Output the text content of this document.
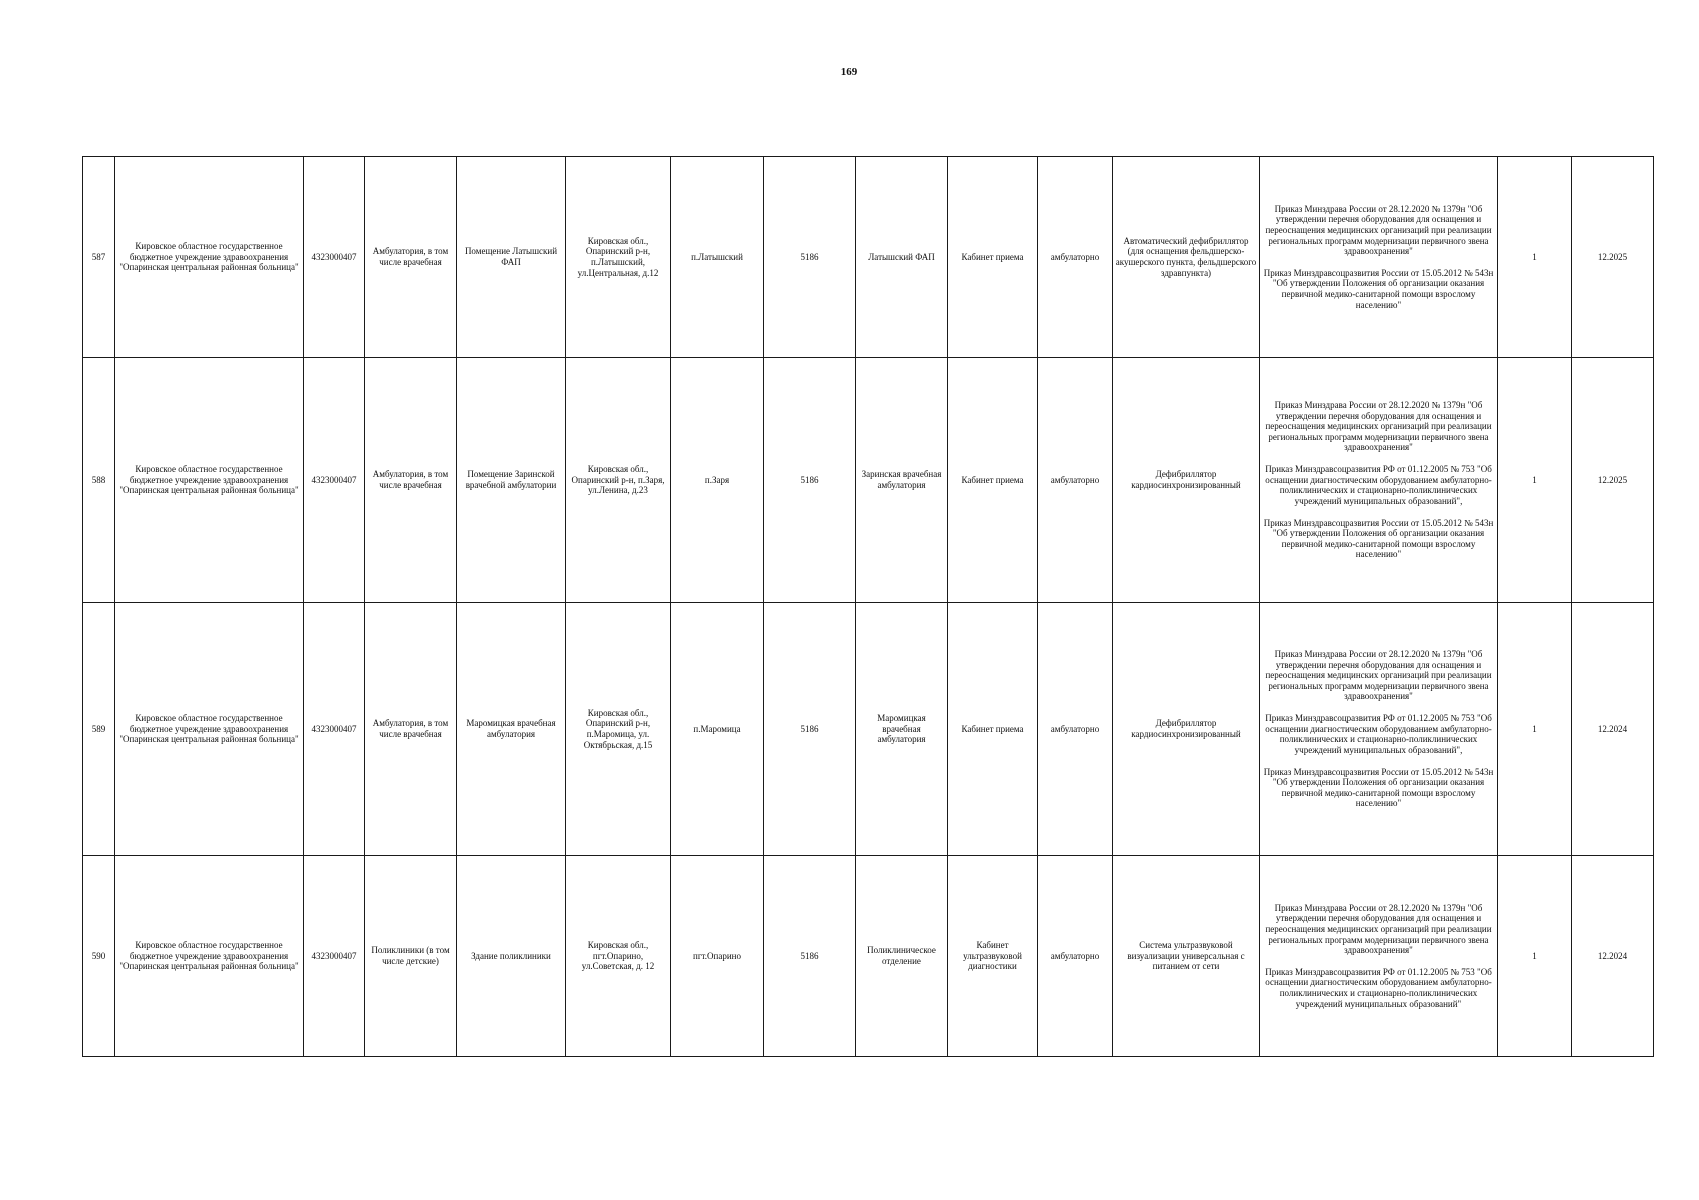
169
587	Кировское областное государственное бюджетное учреждение здравоохранения "Опаринская центральная районная больница"	4323000407	Амбулатория, в том числе врачебная	Помещение Латышский ФАП	Кировская обл., Опаринский р-н, п.Латышский, ул.Центральная, д.12	п.Латышский	5186	Латышский ФАП	Кабинет приема	амбулаторно	Автоматический дефибриллятор (для оснащения фельдшерско-акушерского пункта, фельдшерского здравпункта)	Приказ Минздрава России от 28.12.2020 № 1379н "Об утверждении перечня оборудования для оснащения и переоснащения медицинских организаций при реализации региональных программ модернизации первичного звена здравоохранения"
Приказ Минздравсоцразвития России от 15.05.2012 № 543н "Об утверждении Положения об организации оказания первичной медико-санитарной помощи взрослому населению"	1	12.2025
588	Кировское областное государственное бюджетное учреждение здравоохранения "Опаринская центральная районная больница"	4323000407	Амбулатория, в том числе врачебная	Помещение Заринской врачебной амбулатории	Кировская обл., Опаринский р-н, п.Заря, ул.Ленина, д.23	п.Заря	5186	Заринская врачебная амбулатория	Кабинет приема	амбулаторно	Дефибриллятор кардиосинхронизированный	Приказ Минздрава России от 28.12.2020 № 1379н "Об утверждении перечня оборудования для оснащения и переоснащения медицинских организаций при реализации региональных программ модернизации первичного звена здравоохранения"
Приказ Минздравсоцразвития РФ от 01.12.2005 № 753 "Об оснащении диагностическим оборудованием амбулаторно-поликлинических и стационарно-поликлинических учреждений муниципальных образований",
Приказ Минздравсоцразвития России от 15.05.2012 № 543н "Об утверждении Положения об организации оказания первичной медико-санитарной помощи взрослому населению"	1	12.2025
589	Кировское областное государственное бюджетное учреждение здравоохранения "Опаринская центральная районная больница"	4323000407	Амбулатория, в том числе врачебная	Маромицкая врачебная амбулатория	Кировская обл., Опаринский р-н, п.Маромица, ул. Октябрьская, д.15	п.Маромица	5186	Маромицкая врачебная амбулатория	Кабинет приема	амбулаторно	Дефибриллятор кардиосинхронизированный	Приказ Минздрава России от 28.12.2020 № 1379н "Об утверждении перечня оборудования для оснащения и переоснащения медицинских организаций при реализации региональных программ модернизации первичного звена здравоохранения"
Приказ Минздравсоцразвития РФ от 01.12.2005 № 753 "Об оснащении диагностическим оборудованием амбулаторно-поликлинических и стационарно-поликлинических учреждений муниципальных образований",
Приказ Минздравсоцразвития России от 15.05.2012 № 543н "Об утверждении Положения об организации оказания первичной медико-санитарной помощи взрослому населению"	1	12.2024
590	Кировское областное государственное бюджетное учреждение здравоохранения "Опаринская центральная районная больница"	4323000407	Поликлиники (в том числе детские)	Здание поликлиники	Кировская обл., пгт.Опарино, ул.Советская, д. 12	пгт.Опарино	5186	Поликлиническое отделение	Кабинет ультразвуковой диагностики	амбулаторно	Система ультразвуковой визуализации универсальная с питанием от сети	Приказ Минздрава России от 28.12.2020 № 1379н "Об утверждении перечня оборудования для оснащения и переоснащения медицинских организаций при реализации региональных программ модернизации первичного звена здравоохранения"
Приказ Минздравсоцразвития РФ от 01.12.2005 № 753 "Об оснащении диагностическим оборудованием амбулаторно-поликлинических и стационарно-поликлинических учреждений муниципальных образований"	1	12.2024
